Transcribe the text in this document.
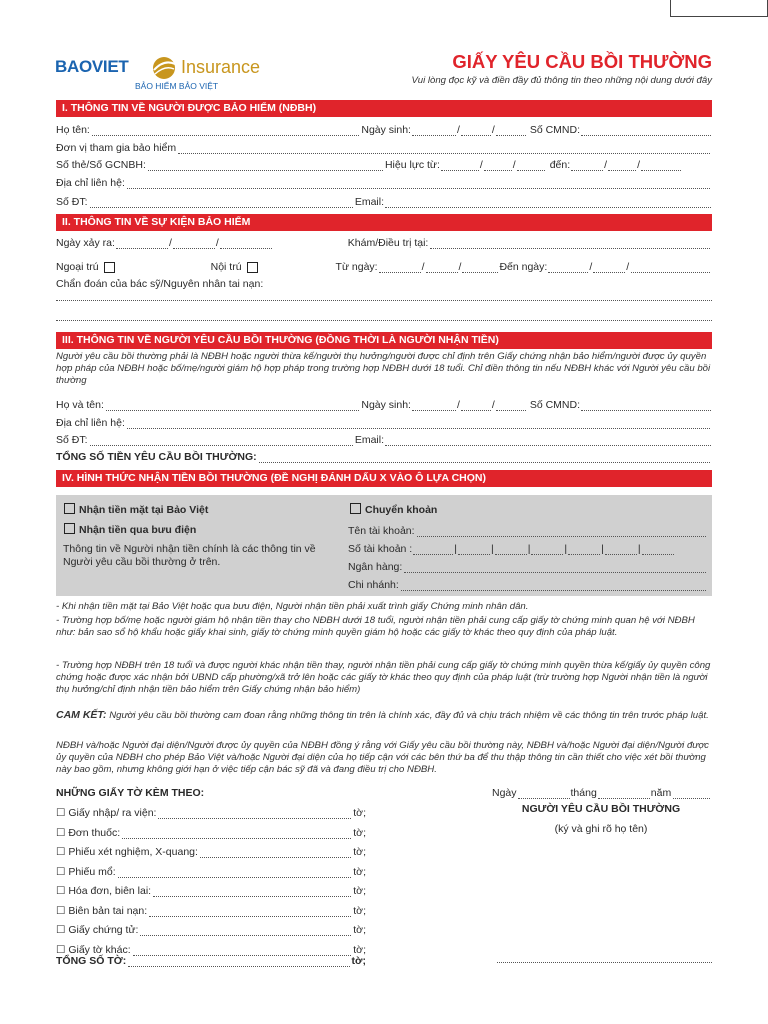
BAOVIET	Insurance
BẢO HIỂM BẢO VIỆT
GIẤY YÊU CẦU BỒI THƯỜNG
Vui lòng đọc kỹ và điền đầy đủ thông tin theo những nội dung dưới đây
I. THÔNG TIN VỀ NGƯỜI ĐƯỢC BẢO HIỂM (NĐBH)
Họ tên:	Ngày sinh:	/	/	Số CMND:
Đơn vị tham gia bảo hiểm
Số thẻ/Số GCNBH:	Hiệu lực từ:	/	/	đến:	/	/
Địa chỉ liên hệ:
Số ĐT:	Email:
II. THÔNG TIN VỀ SỰ KIỆN BẢO HIỂM
Ngày xảy ra:	/	/	Khám/Điều trị tại:
Ngoại trú	Nội trú	Từ ngày:	/	/	Đến ngày:	/	/
Chẩn đoán của bác sỹ/Nguyên nhân tai nạn:
III. THÔNG TIN VỀ NGƯỜI YÊU CẦU BỒI THƯỜNG (ĐỒNG THỜI LÀ NGƯỜI NHẬN TIỀN)
Người yêu cầu bồi thường phải là NĐBH hoặc người thừa kế/người thụ hưởng/người được chỉ định trên Giấy chứng nhận bảo hiểm/người được ủy quyền hợp pháp của NĐBH hoặc bố/mẹ/người giám hộ hợp pháp trong trường hợp NĐBH dưới 18 tuổi. Chỉ điền thông tin nếu NĐBH khác với Người yêu cầu bồi thường
Họ và tên:	Ngày sinh:	/	/	Số CMND:
Địa chỉ liên hệ:
Số ĐT:	Email:
TỔNG SỐ TIỀN YÊU CẦU BỒI THƯỜNG:
IV. HÌNH THỨC NHẬN TIỀN BỒI THƯỜNG (ĐỀ NGHỊ ĐÁNH DẤU X VÀO Ô LỰA CHỌN)
Nhận tiền mặt tại Bảo Việt
Nhận tiền qua bưu điện
Thông tin về Người nhận tiền chính là các thông tin về Người yêu cầu bồi thường ở trên.
Chuyển khoản
Tên tài khoản:
Số tài khoản :	|	|	|	|	|	|
Ngân hàng:
Chi nhánh:
- Khi nhận tiền mặt tại Bảo Việt hoặc qua bưu điện, Người nhận tiền phải xuất trình giấy Chứng minh nhân dân.
- Trường hợp bố/mẹ hoặc người giám hộ nhận tiền thay cho NĐBH dưới 18 tuổi, người nhận tiền phải cung cấp giấy tờ chứng minh quan hệ với NĐBH như: bản sao sổ hộ khẩu hoặc giấy khai sinh, giấy tờ chứng minh quyền giám hộ hoặc các giấy tờ khác theo quy định của pháp luật.
- Trường hợp NĐBH trên 18 tuổi và được người khác nhận tiền thay, người nhận tiền phải cung cấp giấy tờ chứng minh quyền thừa kế/giấy ủy quyền công chứng hoặc được xác nhận bởi UBND cấp phường/xã trở lên hoặc các giấy tờ khác theo quy định của pháp luật (trừ trường hợp Người nhận tiền là người thụ hưởng/chỉ định nhận tiền bảo hiểm trên Giấy chứng nhận bảo hiểm)
CAM KẾT: Người yêu cầu bồi thường cam đoan rằng những thông tin trên là chính xác, đầy đủ và chịu trách nhiệm về các thông tin trên trước pháp luật.
NĐBH và/hoặc Người đại diện/Người được ủy quyền của NĐBH đồng ý rằng với Giấy yêu cầu bồi thường này, NĐBH và/hoặc Người đại diện/Người được ủy quyền của NĐBH cho phép Bảo Việt và/hoặc Người đại diện của họ tiếp cận với các bên thứ ba để thu thập thông tin cần thiết cho việc xét bồi thường này bao gồm, nhưng không giới hạn ở việc tiếp cận bác sỹ đã và đang điều trị cho NĐBH.
NHỮNG GIẤY TỜ KÈM THEO:
☐ Giấy nhập/ ra viện:	tờ;
☐ Đơn thuốc:	tờ;
☐ Phiếu xét nghiệm, X-quang:	tờ;
☐ Phiếu mổ:	tờ;
☐ Hóa đơn, biên lai:	tờ;
☐ Biên bản tai nạn:	tờ;
☐ Giấy chứng tử:	tờ;
☐ Giấy tờ khác:	tờ;
TỔNG SỐ TỜ:	tờ;
Ngày	tháng	năm
NGƯỜI YÊU CẦU BỒI THƯỜNG
(ký và ghi rõ họ tên)
